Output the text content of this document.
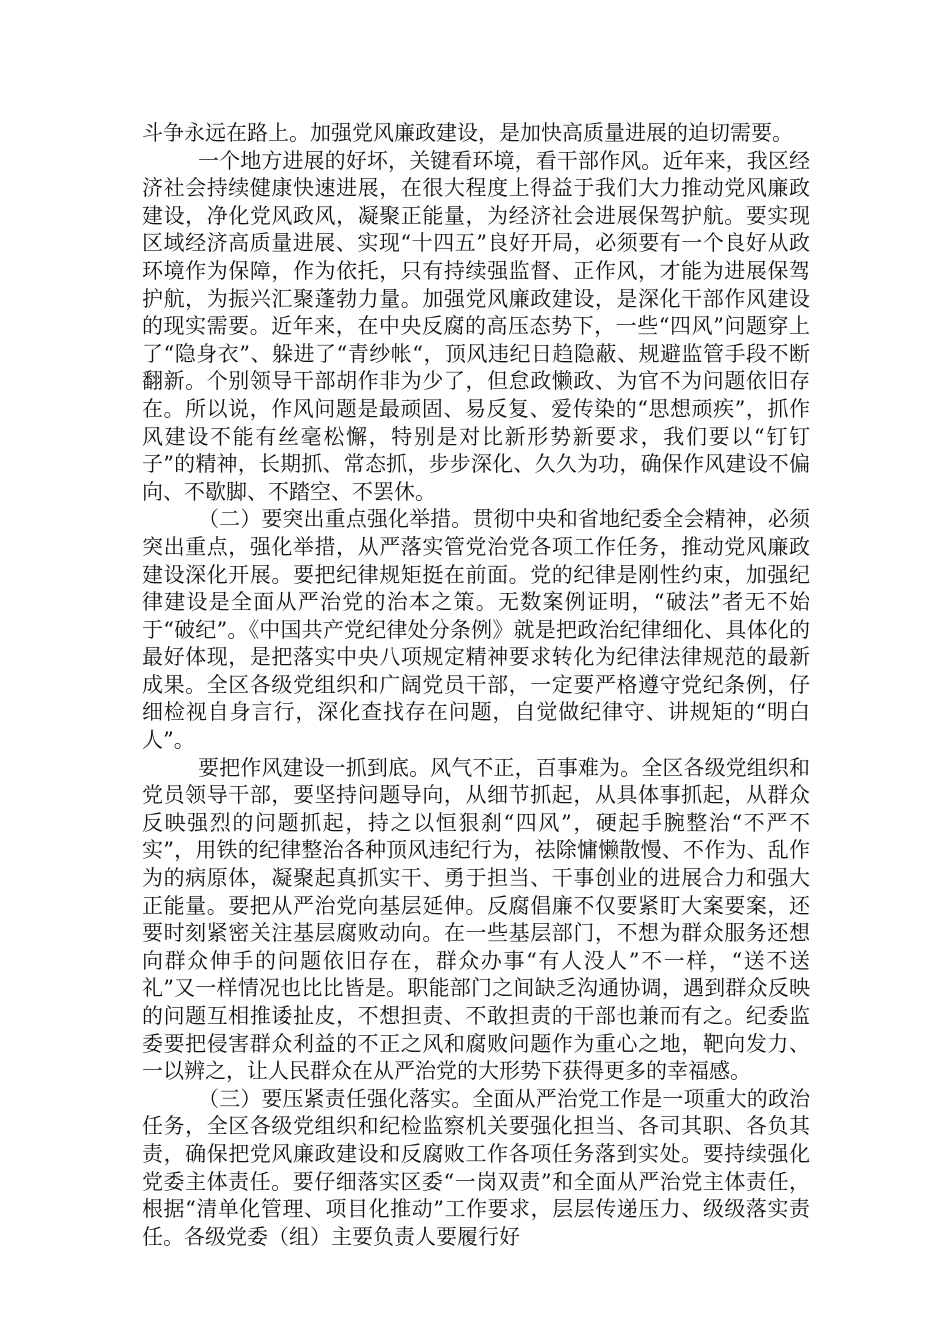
斗争永远在路上。加强党风廉政建设，是加快高质量进展的迫切需要。

一个地方进展的好坏，关键看环境，看干部作风。近年来，我区经济社会持续健康快速进展，在很大程度上得益于我们大力推动党风廉政建设，净化党风政风，凝聚正能量，为经济社会进展保驾护航。要实现区域经济高质量进展、实现“十四五”良好开局，必须要有一个良好从政环境作为保障，作为依托，只有持续强监督、正作风，才能为进展保驾护航，为振兴汇聚蓬勃力量。加强党风廉政建设，是深化干部作风建设的现实需要。近年来，在中央反腐的高压态势下，一些“四风”问题穿上了“隐身衣”、躲进了“青纱帐“，顶风违纪日趋隐蔽、规避监管手段不断翻新。个别领导干部胡作非为少了，但怠政懒政、为官不为问题依旧存在。所以说，作风问题是最顽固、易反复、爱传染的“思想顽疾”，抓作风建设不能有丝毫松懈，特别是对比新形势新要求，我们要以“钉钉子”的精神，长期抓、常态抓，步步深化、久久为功，确保作风建设不偏向、不歇脚、不踏空、不罢休。

（二）要突出重点强化举措。贯彻中央和省地纪委全会精神，必须突出重点，强化举措，从严落实管党治党各项工作任务，推动党风廉政建设深化开展。要把纪律规矩挺在前面。党的纪律是刚性约束，加强纪律建设是全面从严治党的治本之策。无数案例证明，“破法”者无不始于“破纪”。《中国共产党纪律处分条例》就是把政治纪律细化、具体化的最好体现，是把落实中央八项规定精神要求转化为纪律法律规范的最新成果。全区各级党组织和广阔党员干部，一定要严格遵守党纪条例，仔细检视自身言行，深化查找存在问题，自觉做纪律守、讲规矩的“明白人”。

要把作风建设一抓到底。风气不正，百事难为。全区各级党组织和党员领导干部，要坚持问题导向，从细节抓起，从具体事抓起，从群众反映强烈的问题抓起，持之以恒狠刹“四风”，硬起手腕整治“不严不实”，用铁的纪律整治各种顶风违纪行为，祛除慵懒散慢、不作为、乱作为的病原体，凝聚起真抓实干、勇于担当、干事创业的进展合力和强大正能量。要把从严治党向基层延伸。反腐倡廉不仅要紧盯大案要案，还要时刻紧密关注基层腐败动向。在一些基层部门，不想为群众服务还想向群众伸手的问题依旧存在，群众办事“有人没人”不一样，“送不送礼”又一样情况也比比皆是。职能部门之间缺乏沟通协调，遇到群众反映的问题互相推诿扯皮，不想担责、不敢担责的干部也兼而有之。纪委监委要把侵害群众利益的不正之风和腐败问题作为重心之地，靶向发力、一以辨之，让人民群众在从严治党的大形势下获得更多的幸福感。

（三）要压紧责任强化落实。全面从严治党工作是一项重大的政治任务，全区各级党组织和纪检监察机关要强化担当、各司其职、各负其责，确保把党风廉政建设和反腐败工作各项任务落到实处。要持续强化党委主体责任。要仔细落实区委“一岗双责”和全面从严治党主体责任，根据“清单化管理、项目化推动”工作要求，层层传递压力、级级落实责任。各级党委（组）主要负责人要履行好
